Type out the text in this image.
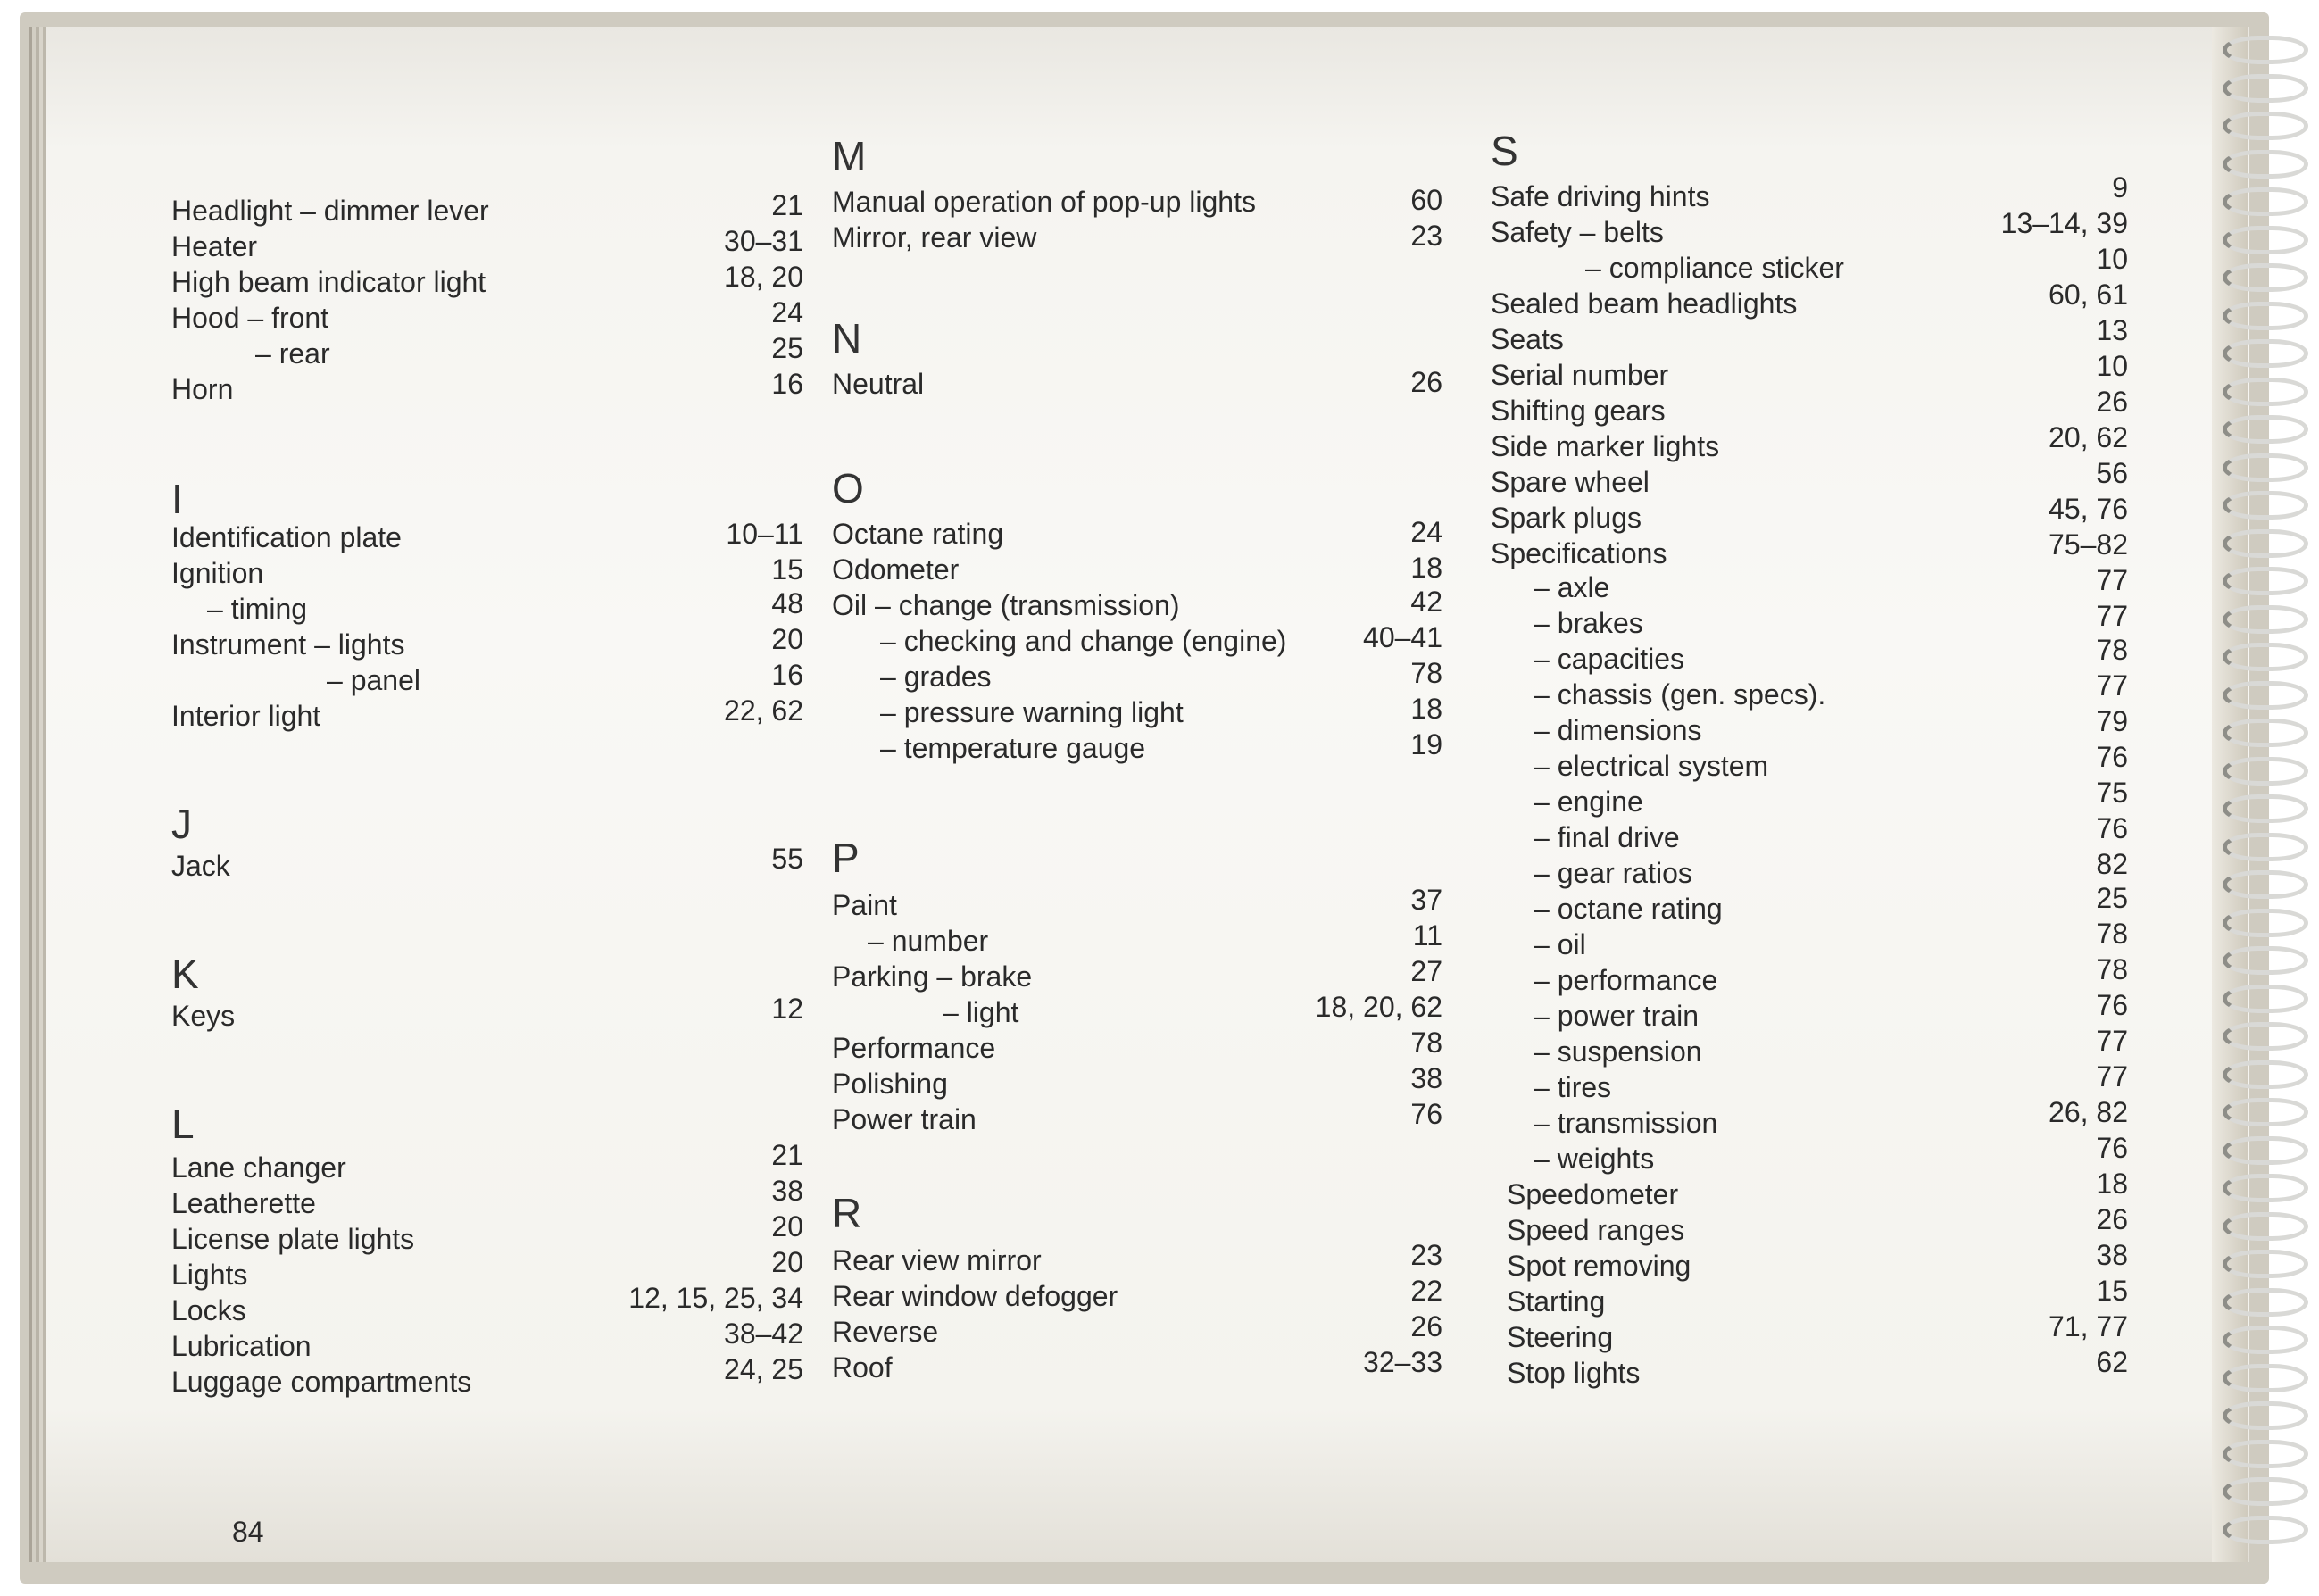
84
Headlight – dimmer lever	21
Heater	30–31
High beam indicator light	18, 20
Hood – front	24
– rear	25
Horn	16
I
Identification plate	10–11
Ignition	15
– timing	48
Instrument – lights	20
– panel	16
Interior light	22, 62
J
Jack	55
K
Keys	12
L
Lane changer	21
Leatherette	38
License plate lights	20
Lights	20
Locks	12, 15, 25, 34
Lubrication	38–42
Luggage compartments	24, 25
M
Manual operation of pop-up lights	60
Mirror, rear view	23
N
Neutral	26
O
Octane rating	24
Odometer	18
Oil – change (transmission)	42
– checking and change (engine)	40–41
– grades	78
– pressure warning light	18
– temperature gauge	19
P
Paint	37
– number	11
Parking – brake	27
– light	18, 20, 62
Performance	78
Polishing	38
Power train	76
R
Rear view mirror	23
Rear window defogger	22
Reverse	26
Roof	32–33
S
Safe driving hints	9
Safety – belts	13–14, 39
– compliance sticker	10
Sealed beam headlights	60, 61
Seats	13
Serial number	10
Shifting gears	26
Side marker lights	20, 62
Spare wheel	56
Spark plugs	45, 76
Specifications	75–82
– axle	77
– brakes	77
– capacities	78
– chassis (gen. specs).	77
– dimensions	79
– electrical system	76
– engine	75
– final drive	76
– gear ratios	82
– octane rating	25
– oil	78
– performance	78
– power train	76
– suspension	77
– tires	77
– transmission	26, 82
– weights	76
Speedometer	18
Speed ranges	26
Spot removing	38
Starting	15
Steering	71, 77
Stop lights	62
